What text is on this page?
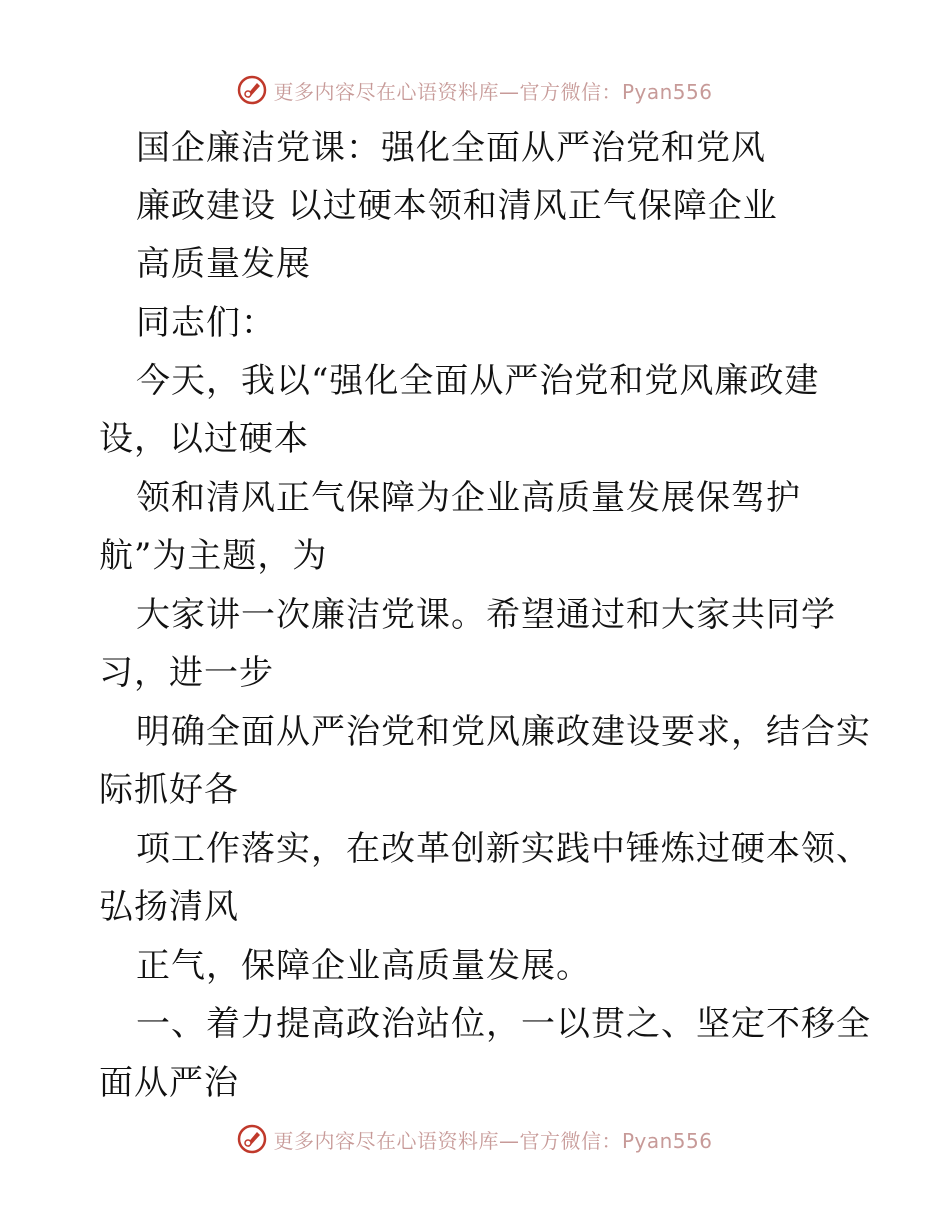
更多内容尽在心语资料库—官方微信：Pyan556
国企廉洁党课：强化全面从严治党和党风
廉政建设 以过硬本领和清风正气保障企业
高质量发展
同志们：
今天，我以“强化全面从严治党和党风廉政建
设，以过硬本
领和清风正气保障为企业高质量发展保驾护
航”为主题，为
大家讲一次廉洁党课。希望通过和大家共同学
习，进一步
明确全面从严治党和党风廉政建设要求，结合实
际抓好各
项工作落实，在改革创新实践中锤炼过硬本领、
弘扬清风
正气，保障企业高质量发展。
一、着力提高政治站位，一以贯之、坚定不移全
面从严治
更多内容尽在心语资料库—官方微信：Pyan556
